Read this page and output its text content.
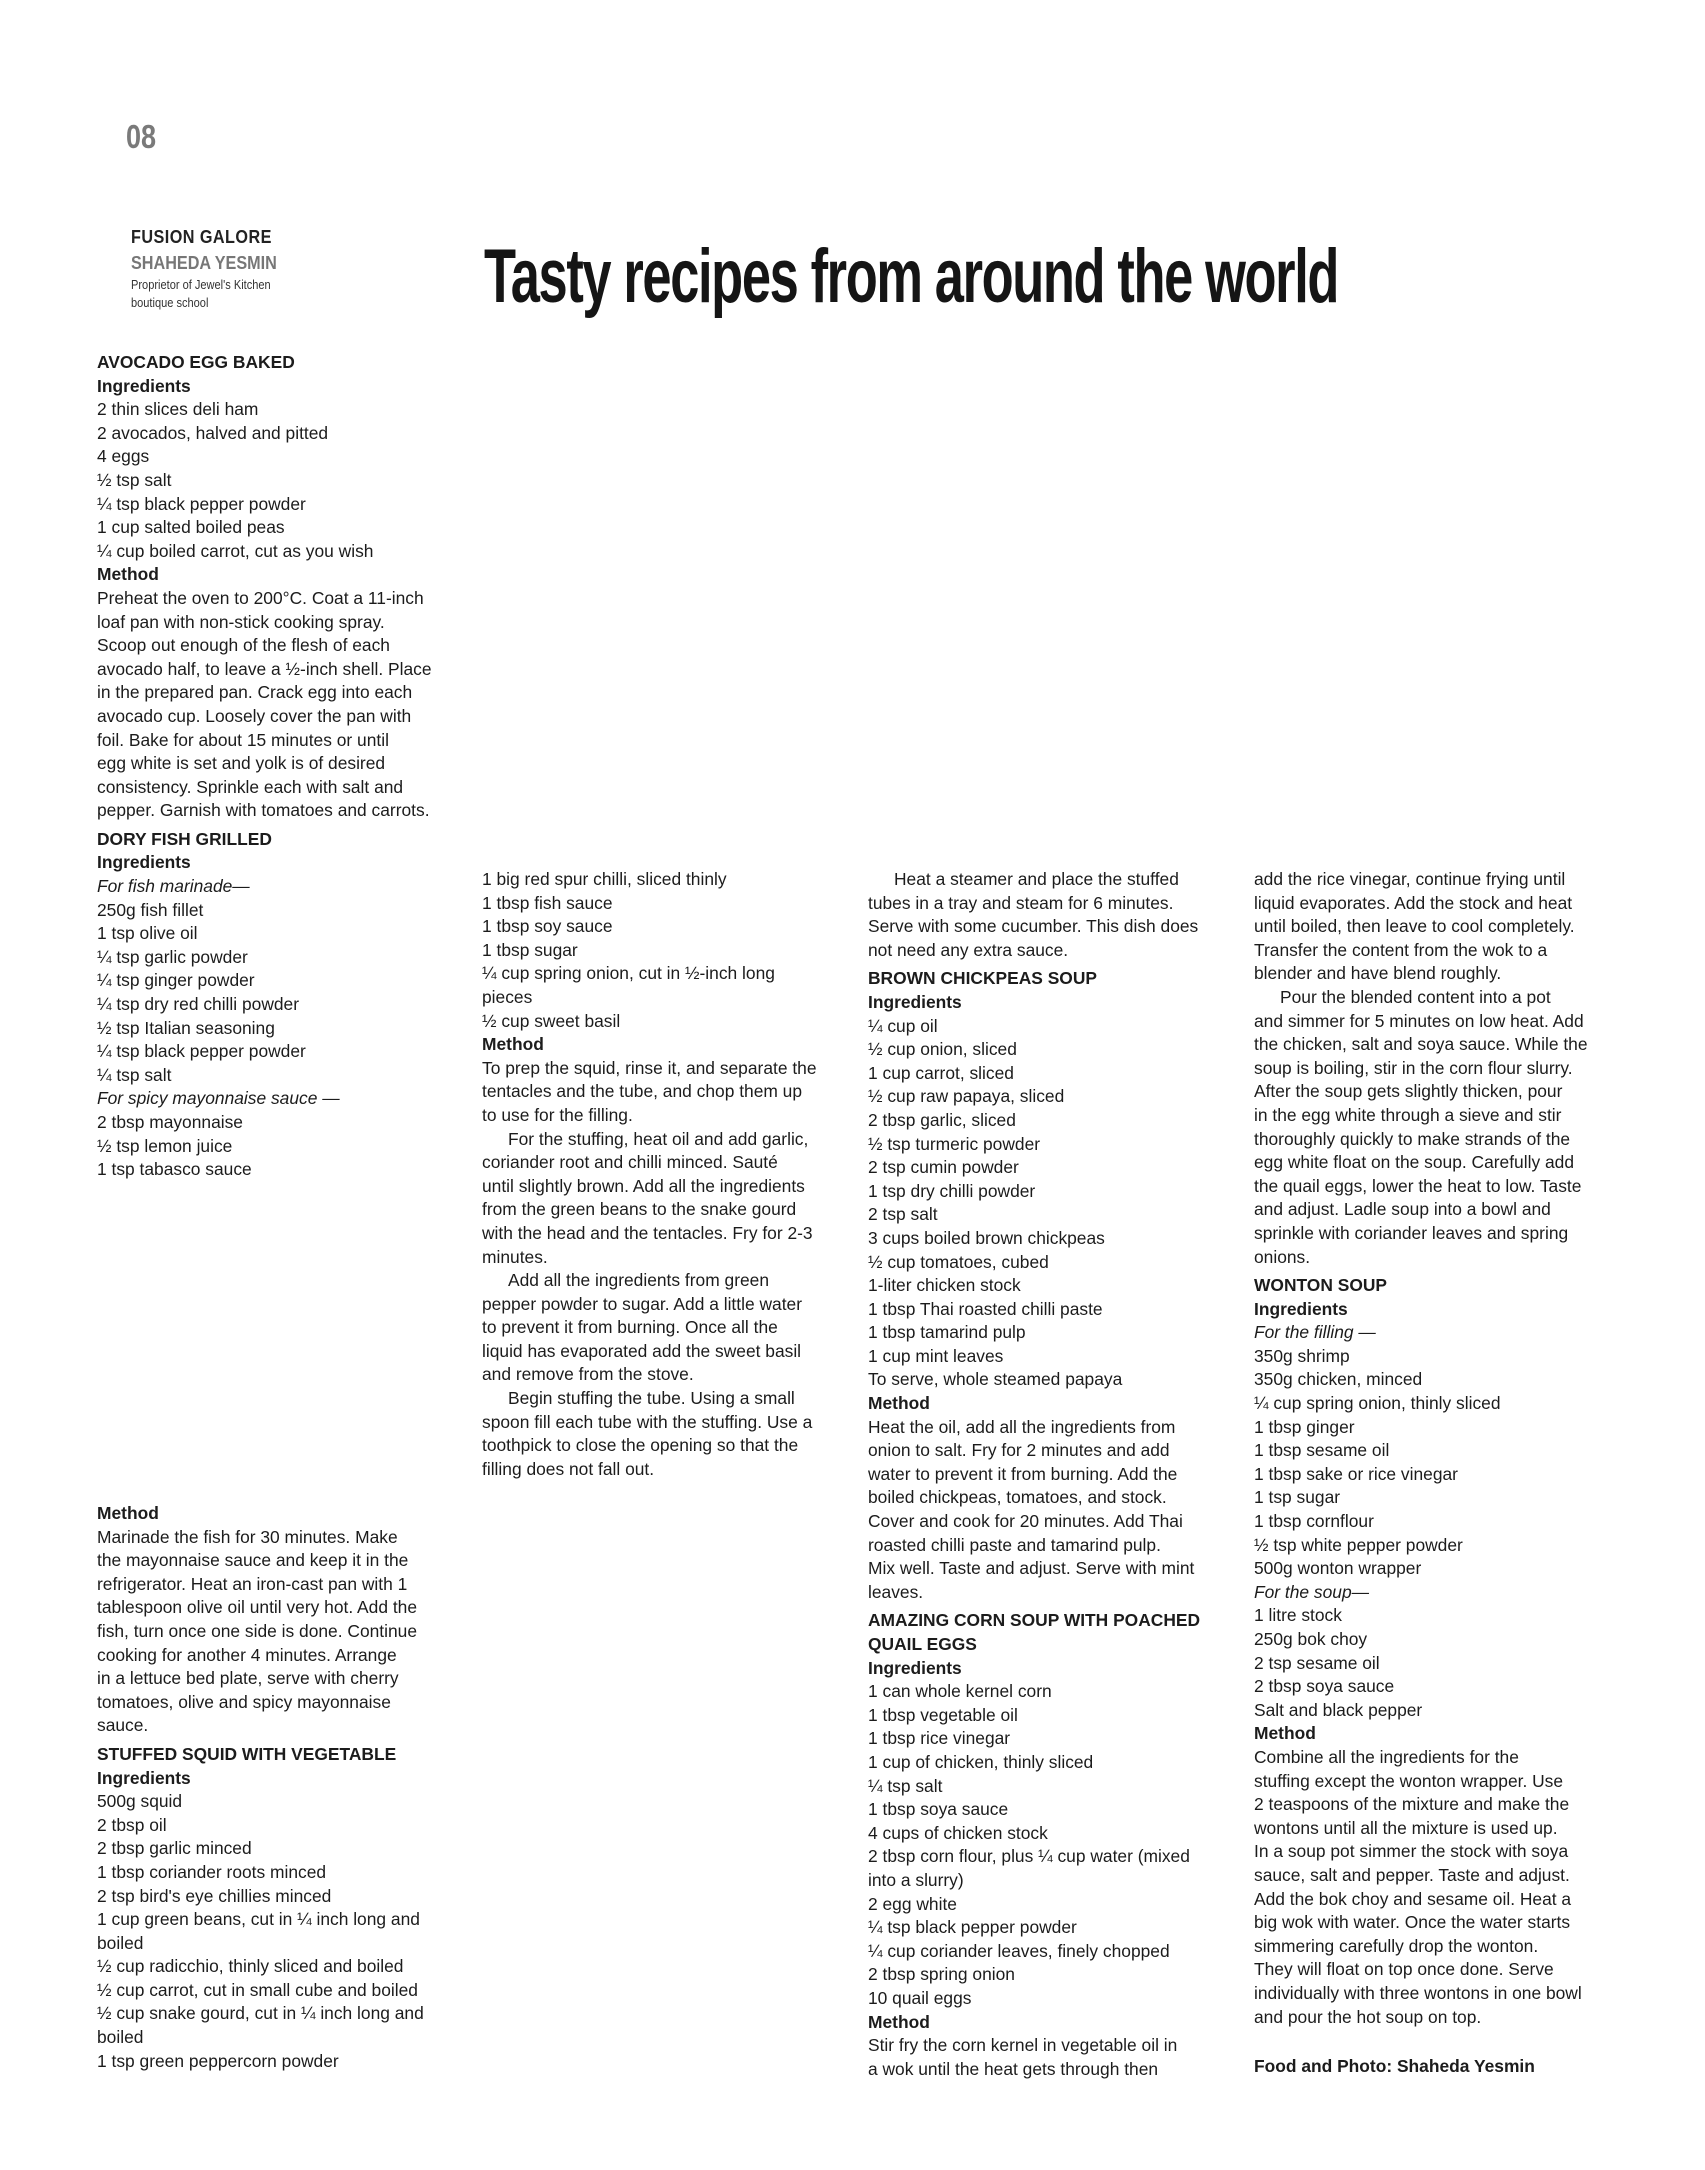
08
FUSION GALORE
SHAHEDA YESMIN
Proprietor of Jewel's Kitchen boutique school	Tasty recipes from around the world
AVOCADO EGG BAKED
Ingredients
2 thin slices deli ham
2 avocados, halved and pitted
4 eggs
½ tsp salt
¼ tsp black pepper powder
1 cup salted boiled peas
¼ cup boiled carrot, cut as you wish
Method
Preheat the oven to 200°C. Coat a 11-inch
loaf pan with non-stick cooking spray.
Scoop out enough of the flesh of each
avocado half, to leave a ½-inch shell. Place
in the prepared pan. Crack egg into each
avocado cup. Loosely cover the pan with
foil. Bake for about 15 minutes or until
egg white is set and yolk is of desired
consistency. Sprinkle each with salt and
pepper. Garnish with tomatoes and carrots.
DORY FISH GRILLED
Ingredients
For fish marinade—
250g fish fillet
1 tsp olive oil
¼ tsp garlic powder
¼ tsp ginger powder
¼ tsp dry red chilli powder
½ tsp Italian seasoning
¼ tsp black pepper powder
¼ tsp salt
For spicy mayonnaise sauce —
2 tbsp mayonnaise
½ tsp lemon juice
1 tsp tabasco sauce
Method
Marinade the fish for 30 minutes. Make
the mayonnaise sauce and keep it in the
refrigerator. Heat an iron-cast pan with 1
tablespoon olive oil until very hot. Add the
fish, turn once one side is done. Continue
cooking for another 4 minutes. Arrange
in a lettuce bed plate, serve with cherry
tomatoes, olive and spicy mayonnaise
sauce.
STUFFED SQUID WITH VEGETABLE
Ingredients
500g squid
2 tbsp oil
2 tbsp garlic minced
1 tbsp coriander roots minced
2 tsp bird's eye chillies minced
1 cup green beans, cut in ¼ inch long and
boiled
½ cup radicchio, thinly sliced and boiled
½ cup carrot, cut in small cube and boiled
½ cup snake gourd, cut in ¼ inch long and
boiled
1 tsp green peppercorn powder
1 big red spur chilli, sliced thinly
1 tbsp fish sauce
1 tbsp soy sauce
1 tbsp sugar
¼ cup spring onion, cut in ½-inch long
pieces
½ cup sweet basil
Method
To prep the squid, rinse it, and separate the
tentacles and the tube, and chop them up
to use for the filling.
For the stuffing, heat oil and add garlic,
coriander root and chilli minced. Sauté
until slightly brown. Add all the ingredients
from the green beans to the snake gourd
with the head and the tentacles. Fry for 2-3
minutes.
Add all the ingredients from green
pepper powder to sugar. Add a little water
to prevent it from burning. Once all the
liquid has evaporated add the sweet basil
and remove from the stove.
Begin stuffing the tube. Using a small
spoon fill each tube with the stuffing. Use a
toothpick to close the opening so that the
filling does not fall out.
Heat a steamer and place the stuffed
tubes in a tray and steam for 6 minutes.
Serve with some cucumber. This dish does
not need any extra sauce.
BROWN CHICKPEAS SOUP
Ingredients
¼ cup oil
½ cup onion, sliced
1 cup carrot, sliced
½ cup raw papaya, sliced
2 tbsp garlic, sliced
½ tsp turmeric powder
2 tsp cumin powder
1 tsp dry chilli powder
2 tsp salt
3 cups boiled brown chickpeas
½ cup tomatoes, cubed
1-liter chicken stock
1 tbsp Thai roasted chilli paste
1 tbsp tamarind pulp
1 cup mint leaves
To serve, whole steamed papaya
Method
Heat the oil, add all the ingredients from
onion to salt. Fry for 2 minutes and add
water to prevent it from burning. Add the
boiled chickpeas, tomatoes, and stock.
Cover and cook for 20 minutes. Add Thai
roasted chilli paste and tamarind pulp.
Mix well. Taste and adjust. Serve with mint
leaves.
AMAZING CORN SOUP WITH POACHED
QUAIL EGGS
Ingredients
1 can whole kernel corn
1 tbsp vegetable oil
1 tbsp rice vinegar
1 cup of chicken, thinly sliced
¼ tsp salt
1 tbsp soya sauce
4 cups of chicken stock
2 tbsp corn flour, plus ¼ cup water (mixed
into a slurry)
2 egg white
¼ tsp black pepper powder
¼ cup coriander leaves, finely chopped
2 tbsp spring onion
10 quail eggs
Method
Stir fry the corn kernel in vegetable oil in
a wok until the heat gets through then
add the rice vinegar, continue frying until
liquid evaporates. Add the stock and heat
until boiled, then leave to cool completely.
Transfer the content from the wok to a
blender and have blend roughly.
Pour the blended content into a pot
and simmer for 5 minutes on low heat. Add
the chicken, salt and soya sauce. While the
soup is boiling, stir in the corn flour slurry.
After the soup gets slightly thicken, pour
in the egg white through a sieve and stir
thoroughly quickly to make strands of the
egg white float on the soup. Carefully add
the quail eggs, lower the heat to low. Taste
and adjust. Ladle soup into a bowl and
sprinkle with coriander leaves and spring
onions.
WONTON SOUP
Ingredients
For the filling —
350g shrimp
350g chicken, minced
¼ cup spring onion, thinly sliced
1 tbsp ginger
1 tbsp sesame oil
1 tbsp sake or rice vinegar
1 tsp sugar
1 tbsp cornflour
½ tsp white pepper powder
500g wonton wrapper
For the soup—
1 litre stock
250g bok choy
2 tsp sesame oil
2 tbsp soya sauce
Salt and black pepper
Method
Combine all the ingredients for the
stuffing except the wonton wrapper. Use
2 teaspoons of the mixture and make the
wontons until all the mixture is used up.
In a soup pot simmer the stock with soya
sauce, salt and pepper. Taste and adjust.
Add the bok choy and sesame oil. Heat a
big wok with water. Once the water starts
simmering carefully drop the wonton.
They will float on top once done. Serve
individually with three wontons in one bowl
and pour the hot soup on top.
Food and Photo: Shaheda Yesmin
